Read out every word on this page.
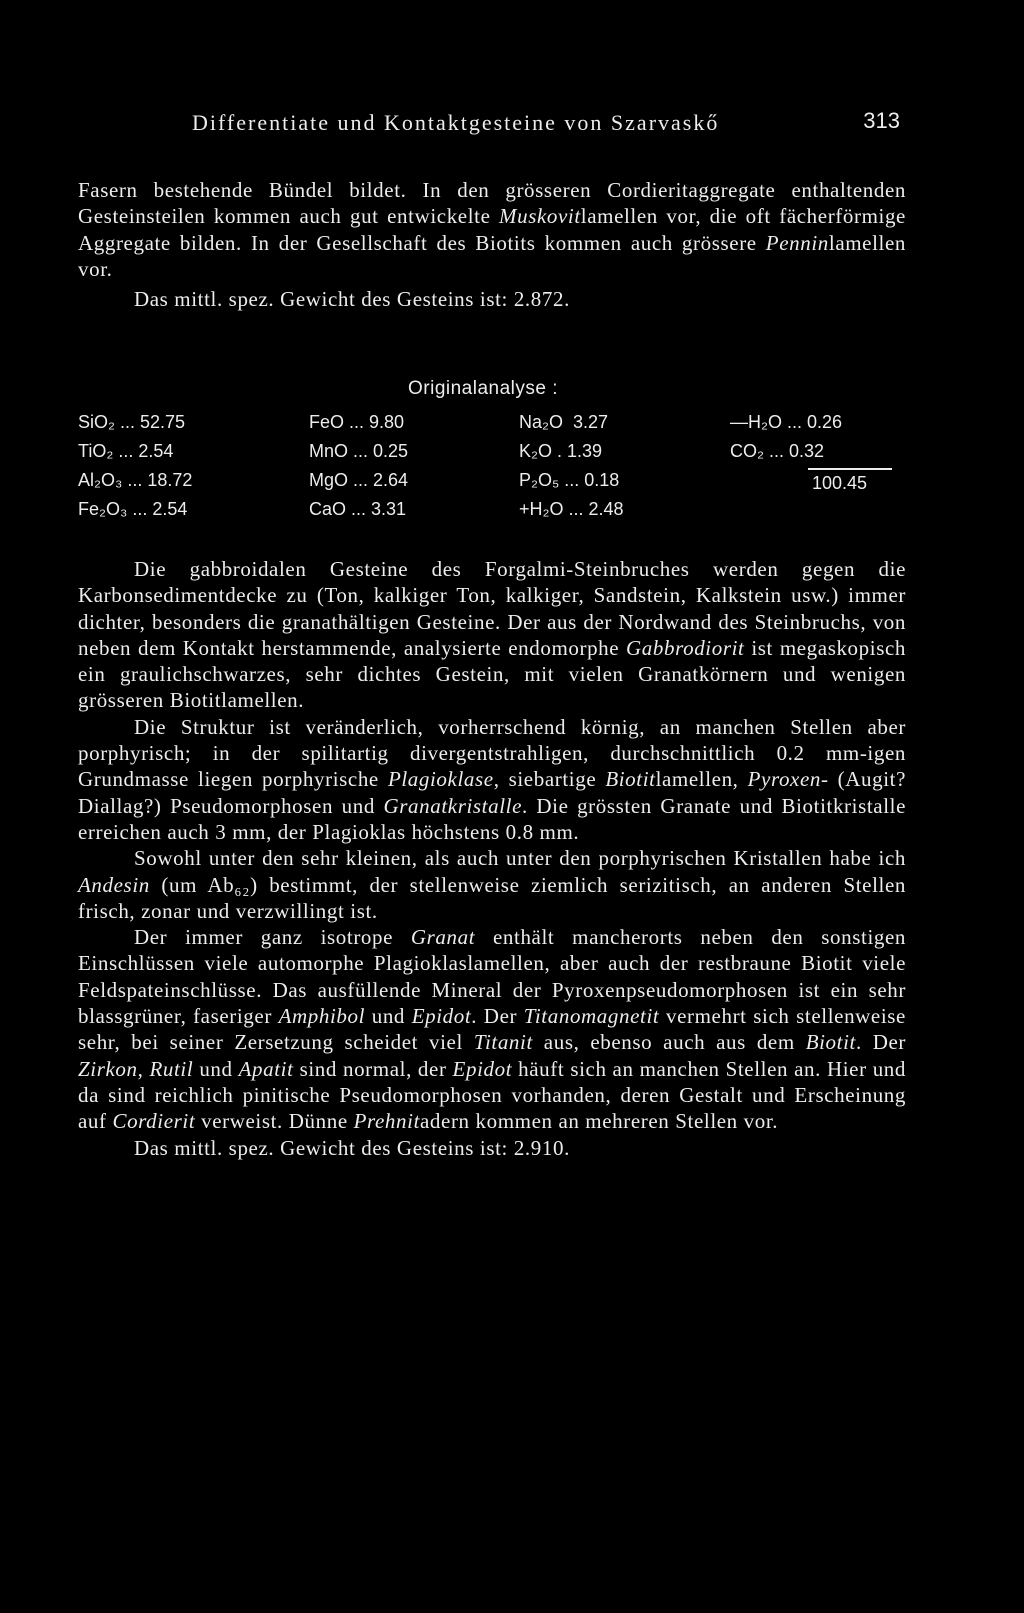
Differentiate und Kontaktgesteine von Szarvaskő	313

Fasern bestehende Bündel bildet. In den grösseren Cordieritaggregate enthaltenden Gesteinsteilen kommen auch gut entwickelte Muskovitlamellen vor, die oft fächerförmige Aggregate bilden. In der Gesellschaft des Biotits kommen auch grössere Penninlamellen vor.

Das mittl. spez. Gewicht des Gesteins ist: 2.872.

Originalanalyse :
SiO₂ ... 52.75
TiO₂ ... 2.54
Al₂O₃ ... 18.72
Fe₂O₃ ... 2.54
FeO ... 9.80
MnO ... 0.25
MgO ... 2.64
CaO ... 3.31
Na₂O  3.27
K₂O . 1.39
P₂O₅ ... 0.18
+H₂O ... 2.48
—H₂O ... 0.26
CO₂ ... 0.32
100.45

Die gabbroidalen Gesteine des Forgalmi-Steinbruches werden gegen die Karbonsedimentdecke zu (Ton, kalkiger Ton, kalkiger, Sandstein, Kalkstein usw.) immer dichter, besonders die granathältigen Gesteine. Der aus der Nordwand des Steinbruchs, von neben dem Kontakt herstammende, analysierte endomorphe Gabbrodiorit ist megaskopisch ein graulichschwarzes, sehr dichtes Gestein, mit vielen Granatkörnern und wenigen grösseren Biotitlamellen.

Die Struktur ist veränderlich, vorherrschend körnig, an manchen Stellen aber porphyrisch; in der spilitartig divergentstrahligen, durchschnittlich 0.2 mm-igen Grundmasse liegen porphyrische Plagioklase, siebartige Biotitlamellen, Pyroxen- (Augit? Diallag?) Pseudomorphosen und Granatkristalle. Die grössten Granate und Biotitkristalle erreichen auch 3 mm, der Plagioklas höchstens 0.8 mm.

Sowohl unter den sehr kleinen, als auch unter den porphyrischen Kristallen habe ich Andesin (um Ab₆₂) bestimmt, der stellenweise ziemlich serizitisch, an anderen Stellen frisch, zonar und verzwillingt ist.

Der immer ganz isotrope Granat enthält mancherorts neben den sonstigen Einschlüssen viele automorphe Plagioklaslamellen, aber auch der restbraune Biotit viele Feldspateinschlüsse. Das ausfüllende Mineral der Pyroxenpseudomorphosen ist ein sehr blassgrüner, faseriger Amphibol und Epidot. Der Titanomagnetit vermehrt sich stellenweise sehr, bei seiner Zersetzung scheidet viel Titanit aus, ebenso auch aus dem Biotit. Der Zirkon, Rutil und Apatit sind normal, der Epidot häuft sich an manchen Stellen an. Hier und da sind reichlich pinitische Pseudomorphosen vorhanden, deren Gestalt und Erscheinung auf Cordierit verweist. Dünne Prehnitadern kommen an mehreren Stellen vor.

Das mittl. spez. Gewicht des Gesteins ist: 2.910.
